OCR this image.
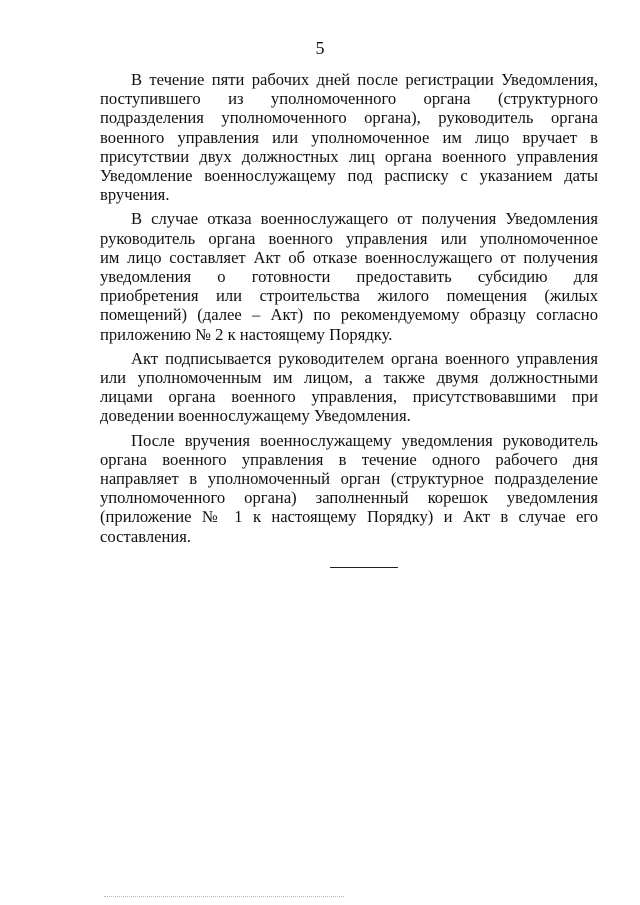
5

В течение пяти рабочих дней после регистрации Уведомления,
поступившего из уполномоченного органа (структурного
подразделения уполномоченного органа), руководитель органа
военного управления или уполномоченное им лицо вручает в
присутствии двух должностных лиц органа военного управления
Уведомление военнослужащему под расписку с указанием даты
вручения.

В случае отказа военнослужащего от получения Уведомления
руководитель органа военного управления или уполномоченное
им лицо составляет Акт об отказе военнослужащего от получения
уведомления о готовности предоставить субсидию для
приобретения или строительства жилого помещения (жилых
помещений) (далее – Акт) по рекомендуемому образцу согласно
приложению № 2 к настоящему Порядку.

Акт подписывается руководителем органа военного управления
или уполномоченным им лицом, а также двумя должностными
лицами органа военного управления, присутствовавшими при
доведении военнослужащему Уведомления.

После вручения военнослужащему уведомления руководитель
органа военного управления в течение одного рабочего дня
направляет в уполномоченный орган (структурное подразделение
уполномоченного органа) заполненный корешок уведомления
(приложение № 1 к настоящему Порядку) и Акт в случае его
составления.
